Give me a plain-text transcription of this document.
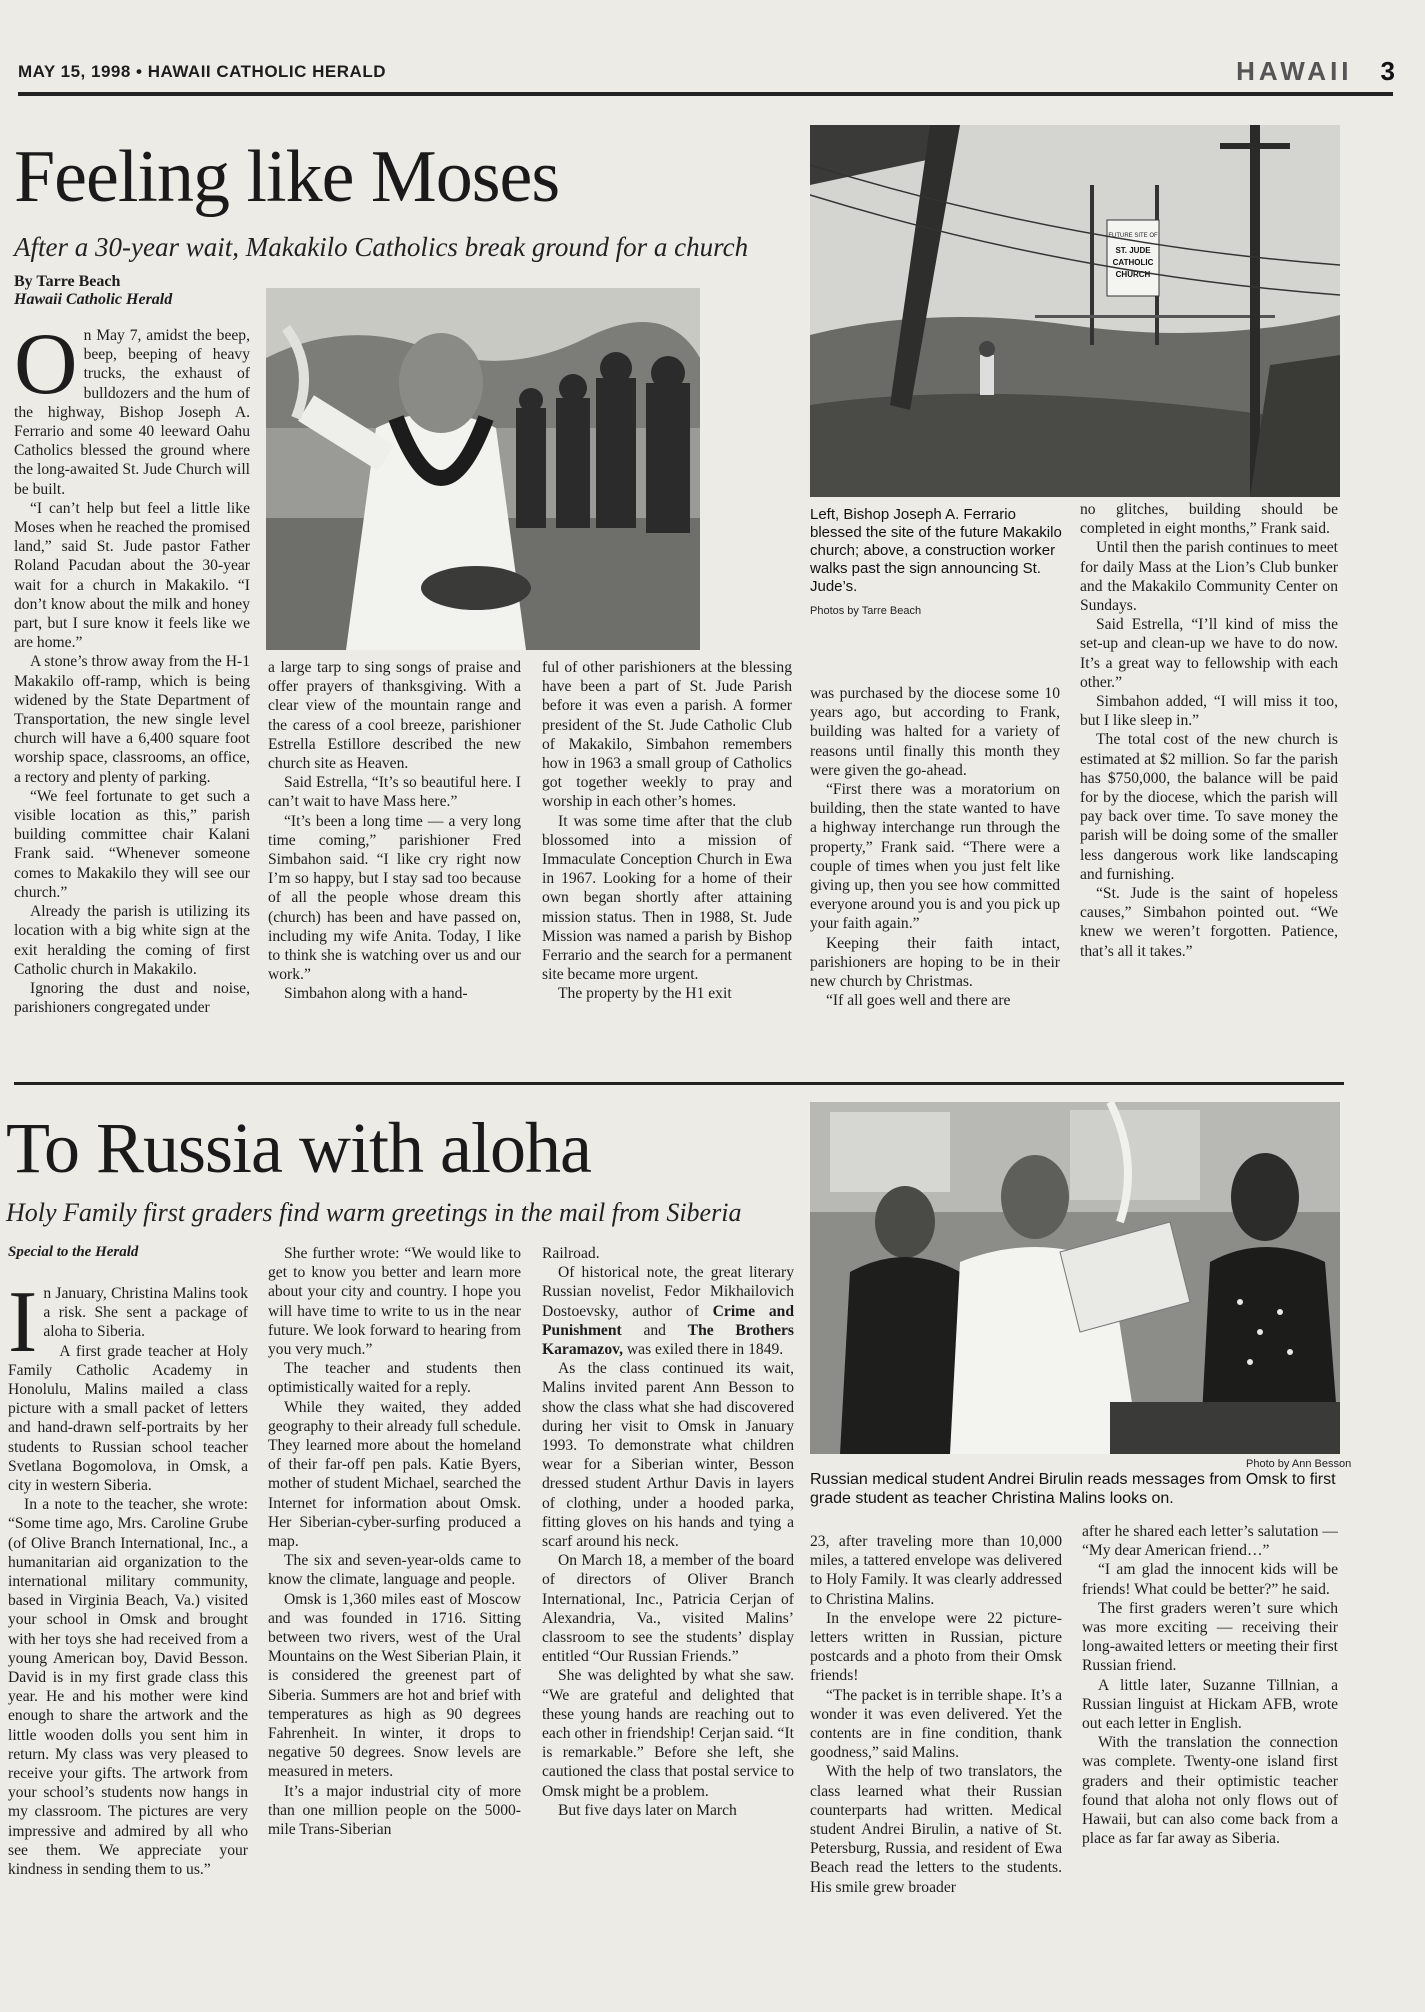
MAY 15, 1998 • HAWAII CATHOLIC HERALD	HAWAII 3
Feeling like Moses
After a 30-year wait, Makakilo Catholics break ground for a church
By Tarre Beach
Hawaii Catholic Herald
FUTURE SITE OF
ST. JUDE
CATHOLIC
CHURCH

On May 7, amidst the beep, beep, beeping of heavy trucks, the exhaust of bulldozers and the hum of the highway, Bishop Joseph A. Ferrario and some 40 leeward Oahu Catholics blessed the ground where the long-awaited St. Jude Church will be built.

“I can’t help but feel a little like Moses when he reached the promised land,” said St. Jude pastor Father Roland Pacudan about the 30-year wait for a church in Makakilo. “I don’t know about the milk and honey part, but I sure know it feels like we are home.”

A stone’s throw away from the H-1 Makakilo off-ramp, which is being widened by the State Department of Transportation, the new single level church will have a 6,400 square foot worship space, classrooms, an office, a rectory and plenty of parking.

“We feel fortunate to get such a visible location as this,” parish building committee chair Kalani Frank said. “Whenever someone comes to Makakilo they will see our church.”

Already the parish is utilizing its location with a big white sign at the exit heralding the coming of first Catholic church in Makakilo.

Ignoring the dust and noise, parishioners congregated under

a large tarp to sing songs of praise and offer prayers of thanksgiving. With a clear view of the mountain range and the caress of a cool breeze, parishioner Estrella Estillore described the new church site as Heaven.

Said Estrella, “It’s so beautiful here. I can’t wait to have Mass here.”

“It’s been a long time — a very long time coming,” parishioner Fred Simbahon said. “I like cry right now I’m so happy, but I stay sad too because of all the people whose dream this (church) has been and have passed on, including my wife Anita. Today, I like to think she is watching over us and our work.”

Simbahon along with a hand-

ful of other parishioners at the blessing have been a part of St. Jude Parish before it was even a parish. A former president of the St. Jude Catholic Club of Makakilo, Simbahon remembers how in 1963 a small group of Catholics got together weekly to pray and worship in each other’s homes.

It was some time after that the club blossomed into a mission of Immaculate Conception Church in Ewa in 1967. Looking for a home of their own began shortly after attaining mission status. Then in 1988, St. Jude Mission was named a parish by Bishop Ferrario and the search for a permanent site became more urgent.

The property by the H1 exit

Left, Bishop Joseph A. Ferrario blessed the site of the future Makakilo church; above, a construction worker walks past the sign announcing St. Jude’s.
Photos by Tarre Beach

was purchased by the diocese some 10 years ago, but according to Frank, building was halted for a variety of reasons until finally this month they were given the go-ahead.

“First there was a moratorium on building, then the state wanted to have a highway interchange run through the property,” Frank said. “There were a couple of times when you just felt like giving up, then you see how committed everyone around you is and you pick up your faith again.”

Keeping their faith intact, parishioners are hoping to be in their new church by Christmas.

“If all goes well and there are

no glitches, building should be completed in eight months,” Frank said.

Until then the parish continues to meet for daily Mass at the Lion’s Club bunker and the Makakilo Community Center on Sundays.

Said Estrella, “I’ll kind of miss the set-up and clean-up we have to do now. It’s a great way to fellowship with each other.”

Simbahon added, “I will miss it too, but I like sleep in.”

The total cost of the new church is estimated at $2 million. So far the parish has $750,000, the balance will be paid for by the diocese, which the parish will pay back over time. To save money the parish will be doing some of the smaller less dangerous work like landscaping and furnishing.

“St. Jude is the saint of hopeless causes,” Simbahon pointed out. “We knew we weren’t forgotten. Patience, that’s all it takes.”

To Russia with aloha
Holy Family first graders find warm greetings in the mail from Siberia
Special to the Herald
Photo by Ann Besson
Russian medical student Andrei Birulin reads messages from Omsk to first grade student as teacher Christina Malins looks on.

In January, Christina Malins took a risk. She sent a package of aloha to Siberia.

A first grade teacher at Holy Family Catholic Academy in Honolulu, Malins mailed a class picture with a small packet of letters and hand-drawn self-portraits by her students to Russian school teacher Svetlana Bogomolova, in Omsk, a city in western Siberia.

In a note to the teacher, she wrote: “Some time ago, Mrs. Caroline Grube (of Olive Branch International, Inc., a humanitarian aid organization to the international military community, based in Virginia Beach, Va.) visited your school in Omsk and brought with her toys she had received from a young American boy, David Besson. David is in my first grade class this year. He and his mother were kind enough to share the artwork and the little wooden dolls you sent him in return. My class was very pleased to receive your gifts. The artwork from your school’s students now hangs in my classroom. The pictures are very impressive and admired by all who see them. We appreciate your kindness in sending them to us.”

She further wrote: “We would like to get to know you better and learn more about your city and country. I hope you will have time to write to us in the near future. We look forward to hearing from you very much.”

The teacher and students then optimistically waited for a reply.

While they waited, they added geography to their already full schedule. They learned more about the homeland of their far-off pen pals. Katie Byers, mother of student Michael, searched the Internet for information about Omsk. Her Siberian-cyber-surfing produced a map.

The six and seven-year-olds came to know the climate, language and people.

Omsk is 1,360 miles east of Moscow and was founded in 1716. Sitting between two rivers, west of the Ural Mountains on the West Siberian Plain, it is considered the greenest part of Siberia. Summers are hot and brief with temperatures as high as 90 degrees Fahrenheit. In winter, it drops to negative 50 degrees. Snow levels are measured in meters.

It’s a major industrial city of more than one million people on the 5000-mile Trans-Siberian

Railroad.

Of historical note, the great literary Russian novelist, Fedor Mikhailovich Dostoevsky, author of Crime and Punishment and The Brothers Karamazov, was exiled there in 1849.

As the class continued its wait, Malins invited parent Ann Besson to show the class what she had discovered during her visit to Omsk in January 1993. To demonstrate what children wear for a Siberian winter, Besson dressed student Arthur Davis in layers of clothing, under a hooded parka, fitting gloves on his hands and tying a scarf around his neck.

On March 18, a member of the board of directors of Oliver Branch International, Inc., Patricia Cerjan of Alexandria, Va., visited Malins’ classroom to see the students’ display entitled “Our Russian Friends.”

She was delighted by what she saw. “We are grateful and delighted that these young hands are reaching out to each other in friendship! Cerjan said. “It is remarkable.” Before she left, she cautioned the class that postal service to Omsk might be a problem.

But five days later on March

23, after traveling more than 10,000 miles, a tattered envelope was delivered to Holy Family. It was clearly addressed to Christina Malins.

In the envelope were 22 picture-letters written in Russian, picture postcards and a photo from their Omsk friends!

“The packet is in terrible shape. It’s a wonder it was even delivered. Yet the contents are in fine condition, thank goodness,” said Malins.

With the help of two translators, the class learned what their Russian counterparts had written. Medical student Andrei Birulin, a native of St. Petersburg, Russia, and resident of Ewa Beach read the letters to the students. His smile grew broader

after he shared each letter’s salutation — “My dear American friend…”

“I am glad the innocent kids will be friends! What could be better?” he said.

The first graders weren’t sure which was more exciting — receiving their long-awaited letters or meeting their first Russian friend.

A little later, Suzanne Tillnian, a Russian linguist at Hickam AFB, wrote out each letter in English.

With the translation the connection was complete. Twenty-one island first graders and their optimistic teacher found that aloha not only flows out of Hawaii, but can also come back from a place as far far away as Siberia.
